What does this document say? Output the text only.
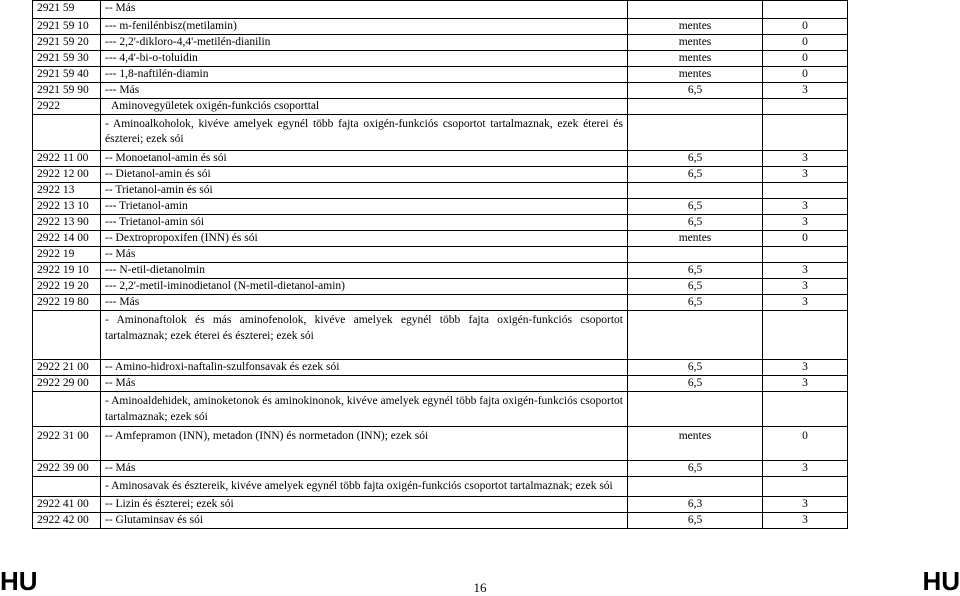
2921 59	-- Más		
2921 59 10	--- m-fenilénbisz(metilamin)	mentes	0
2921 59 20	--- 2,2'-dikloro-4,4'-metilén-dianilin	mentes	0
2921 59 30	--- 4,4'-bi-o-toluidin	mentes	0
2921 59 40	--- 1,8-naftilén-diamin	mentes	0
2921 59 90	--- Más	6,5	3
2922	Aminovegyületek oxigén-funkciós csoporttal		
	- Aminoalkoholok, kivéve amelyek egynél több fajta oxigén-funkciós csoportot tartalmaznak, ezek éterei és észterei; ezek sói		
2922 11 00	-- Monoetanol-amin és sói	6,5	3
2922 12 00	-- Dietanol-amin és sói	6,5	3
2922 13	-- Trietanol-amin és sói		
2922 13 10	--- Trietanol-amin	6,5	3
2922 13 90	--- Trietanol-amin sói	6,5	3
2922 14 00	-- Dextropropoxifen (INN) és sói	mentes	0
2922 19	-- Más		
2922 19 10	--- N-etil-dietanolmin	6,5	3
2922 19 20	--- 2,2'-metil-iminodietanol (N-metil-dietanol-amin)	6,5	3
2922 19 80	--- Más	6,5	3
	- Aminonaftolok és más aminofenolok, kivéve amelyek egynél több fajta oxigén-funkciós csoportot tartalmaznak; ezek éterei és észterei; ezek sói		
2922 21 00	-- Amino-hidroxi-naftalin-szulfonsavak és ezek sói	6,5	3
2922 29 00	-- Más	6,5	3
	- Aminoaldehidek, aminoketonok és aminokinonok, kivéve amelyek egynél több fajta oxigén-funkciós csoportot tartalmaznak; ezek sói		
2922 31 00	-- Amfepramon (INN), metadon (INN) és normetadon (INN); ezek sói	mentes	0
2922 39 00	-- Más	6,5	3
	- Aminosavak és észtereik, kivéve amelyek egynél több fajta oxigén-funkciós csoportot tartalmaznak; ezek sói		
2922 41 00	-- Lizin és észterei; ezek sói	6,3	3
2922 42 00	-- Glutaminsav és sói	6,5	3
HU	16	HU
